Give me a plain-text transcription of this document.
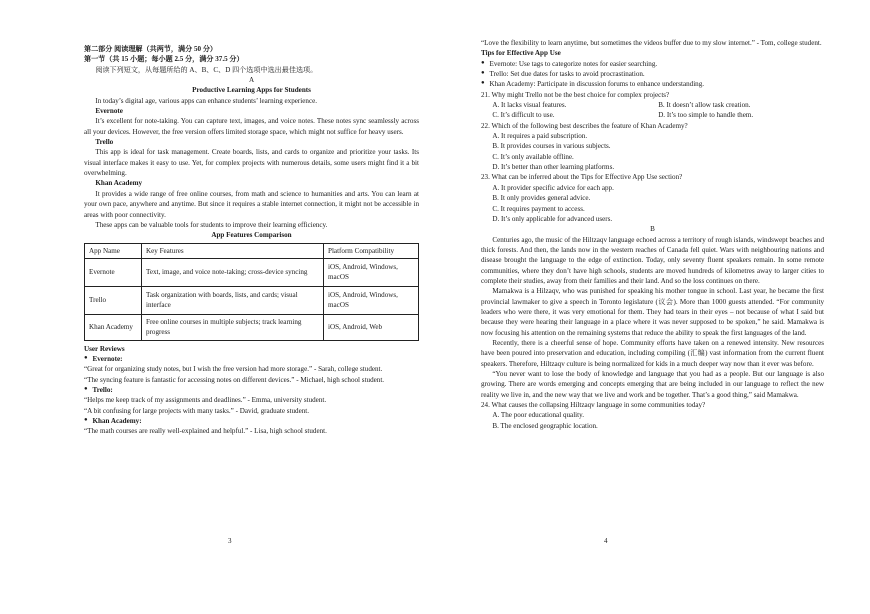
第二部分 阅读理解（共两节，满分 50 分）

第一节（共 15 小题；每小题 2.5 分，满分 37.5 分）

阅读下列短文，从每题所给的 A、B、C、D 四个选项中选出最佳选项。

A

Productive Learning Apps for Students

In today’s digital age, various apps can enhance students’ learning experience.

Evernote

It’s excellent for note-taking. You can capture text, images, and voice notes. These notes sync seamlessly across all your devices. However, the free version offers limited storage space, which might not suffice for heavy users.

Trello

This app is ideal for task management. Create boards, lists, and cards to organize and prioritize your tasks. Its visual interface makes it easy to use. Yet, for complex projects with numerous details, some users might find it a bit overwhelming.

Khan Academy

It provides a wide range of free online courses, from math and science to humanities and arts. You can learn at your own pace, anywhere and anytime. But since it requires a stable internet connection, it might not be accessible in areas with poor connectivity.

These apps can be valuable tools for students to improve their learning efficiency.

App Features Comparison

App Name	Key Features	Platform Compatibility
Evernote	Text, image, and voice note-taking; cross-device syncing	iOS, Android, Windows, macOS
Trello	Task organization with boards, lists, and cards; visual interface	iOS, Android, Windows, macOS
Khan Academy	Free online courses in multiple subjects; track learning progress	iOS, Android, Web

User Reviews

● Evernote:

“Great for organizing study notes, but I wish the free version had more storage.” - Sarah, college student.

“The syncing feature is fantastic for accessing notes on different devices.” - Michael, high school student.

● Trello:

“Helps me keep track of my assignments and deadlines.” - Emma, university student.

“A bit confusing for large projects with many tasks.” - David, graduate student.

● Khan Academy:

“The math courses are really well-explained and helpful.” - Lisa, high school student.

3

“Love the flexibility to learn anytime, but sometimes the videos buffer due to my slow internet.” - Tom, college student.

Tips for Effective App Use

● Evernote: Use tags to categorize notes for easier searching.

● Trello: Set due dates for tasks to avoid procrastination.

● Khan Academy: Participate in discussion forums to enhance understanding.

21. Why might Trello not be the best choice for complex projects?

A. It lacks visual features.	B. It doesn’t allow task creation.
C. It’s difficult to use.	D. It’s too simple to handle them.

22. Which of the following best describes the feature of Khan Academy?

A. It requires a paid subscription.

B. It provides courses in various subjects.

C. It’s only available offline.

D. It’s better than other learning platforms.

23. What can be inferred about the Tips for Effective App Use section?

A. It provider specific advice for each app.

B. It only provides general advice.

C. It requires payment to access.

D. It’s only applicable for advanced users.

B

Centuries ago, the music of the Hiltzaqv language echoed across a territory of rough islands, windswept beaches and thick forests. And then, the lands now in the western reaches of Canada fell quiet. Wars with neighbouring nations and disease brought the language to the edge of extinction. Today, only seventy fluent speakers remain. In some remote communities, where they don’t have high schools, students are moved hundreds of kilometres away to larger cities to complete their studies, away from their families and their land. And so the loss continues on there.

Mamakwa is a Hilzaqv, who was punished for speaking his mother tongue in school. Last year, he became the first provincial lawmaker to give a speech in Toronto legislature (议会). More than 1000 guests attended. “For community leaders who were there, it was very emotional for them. They had tears in their eyes – not because of what I said but because they were hearing their language in a place where it was never supposed to be spoken,” he said. Mamakwa is now focusing his attention on the remaining systems that reduce the ability to speak the first languages of the land.

Recently, there is a cheerful sense of hope. Community efforts have taken on a renewed intensity. New resources have been poured into preservation and education, including compiling (汇编) vast information from the current fluent speakers. Therefore, Hiltzaqv culture is being normalized for kids in a much deeper way now than it ever was before.

“You never want to lose the body of knowledge and language that you had as a people. But our language is also growing. There are words emerging and concepts emerging that are being included in our language to reflect the new reality we live in, and the new way that we live and work and be together. That’s a good thing,” said Mamakwa.

24. What causes the collapsing Hiltzaqv language in some communities today?

A. The poor educational quality.

B. The enclosed geographic location.

4
